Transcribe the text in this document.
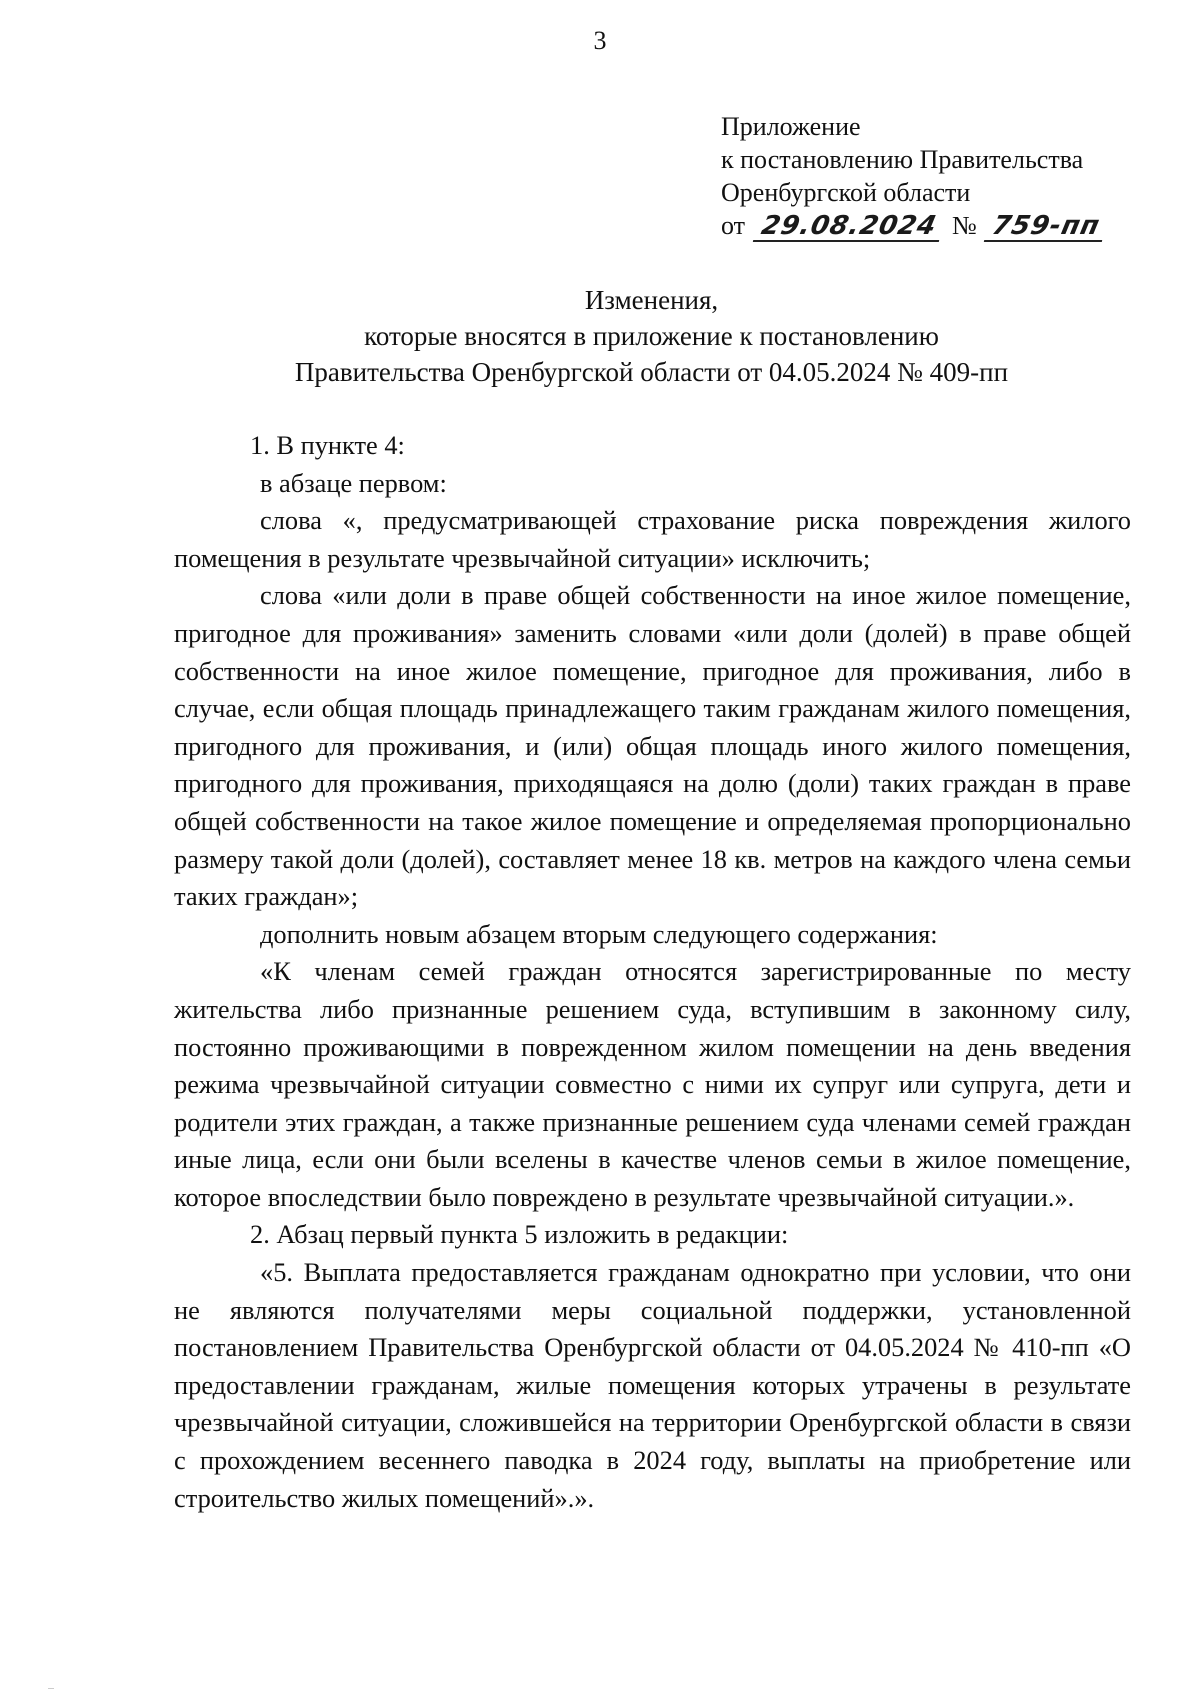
3
Приложение
к постановлению Правительства
Оренбургской области
от 29.08.2024 № 759-пп
Изменения,
которые вносятся в приложение к постановлению
Правительства Оренбургской области от 04.05.2024 № 409-пп

1. В пункте 4:

в абзаце первом:

слова «, предусматривающей страхование риска повреждения жилого помещения в результате чрезвычайной ситуации» исключить;

слова «или доли в праве общей собственности на иное жилое помещение, пригодное для проживания» заменить словами «или доли (долей) в праве общей собственности на иное жилое помещение, пригодное для проживания, либо в случае, если общая площадь принадлежащего таким гражданам жилого помещения, пригодного для проживания, и (или) общая площадь иного жилого помещения, пригодного для проживания, приходящаяся на долю (доли) таких граждан в праве общей собственности на такое жилое помещение и определяемая пропорционально размеру такой доли (долей), составляет менее 18 кв. метров на каждого члена семьи таких граждан»;

дополнить новым абзацем вторым следующего содержания:

«К членам семей граждан относятся зарегистрированные по месту жительства либо признанные решением суда, вступившим в законному силу, постоянно проживающими в поврежденном жилом помещении на день введения режима чрезвычайной ситуации совместно с ними их супруг или супруга, дети и родители этих граждан, а также признанные решением суда членами семей граждан иные лица, если они были вселены в качестве членов семьи в жилое помещение, которое впоследствии было повреждено в результате чрезвычайной ситуации.».

2. Абзац первый пункта 5 изложить в редакции:

«5. Выплата предоставляется гражданам однократно при условии, что они не являются получателями меры социальной поддержки, установленной постановлением Правительства Оренбургской области от 04.05.2024 № 410-пп «О предоставлении гражданам, жилые помещения которых утрачены в результате чрезвычайной ситуации, сложившейся на территории Оренбургской области в связи с прохождением весеннего паводка в 2024 году, выплаты на приобретение или строительство жилых помещений».».
